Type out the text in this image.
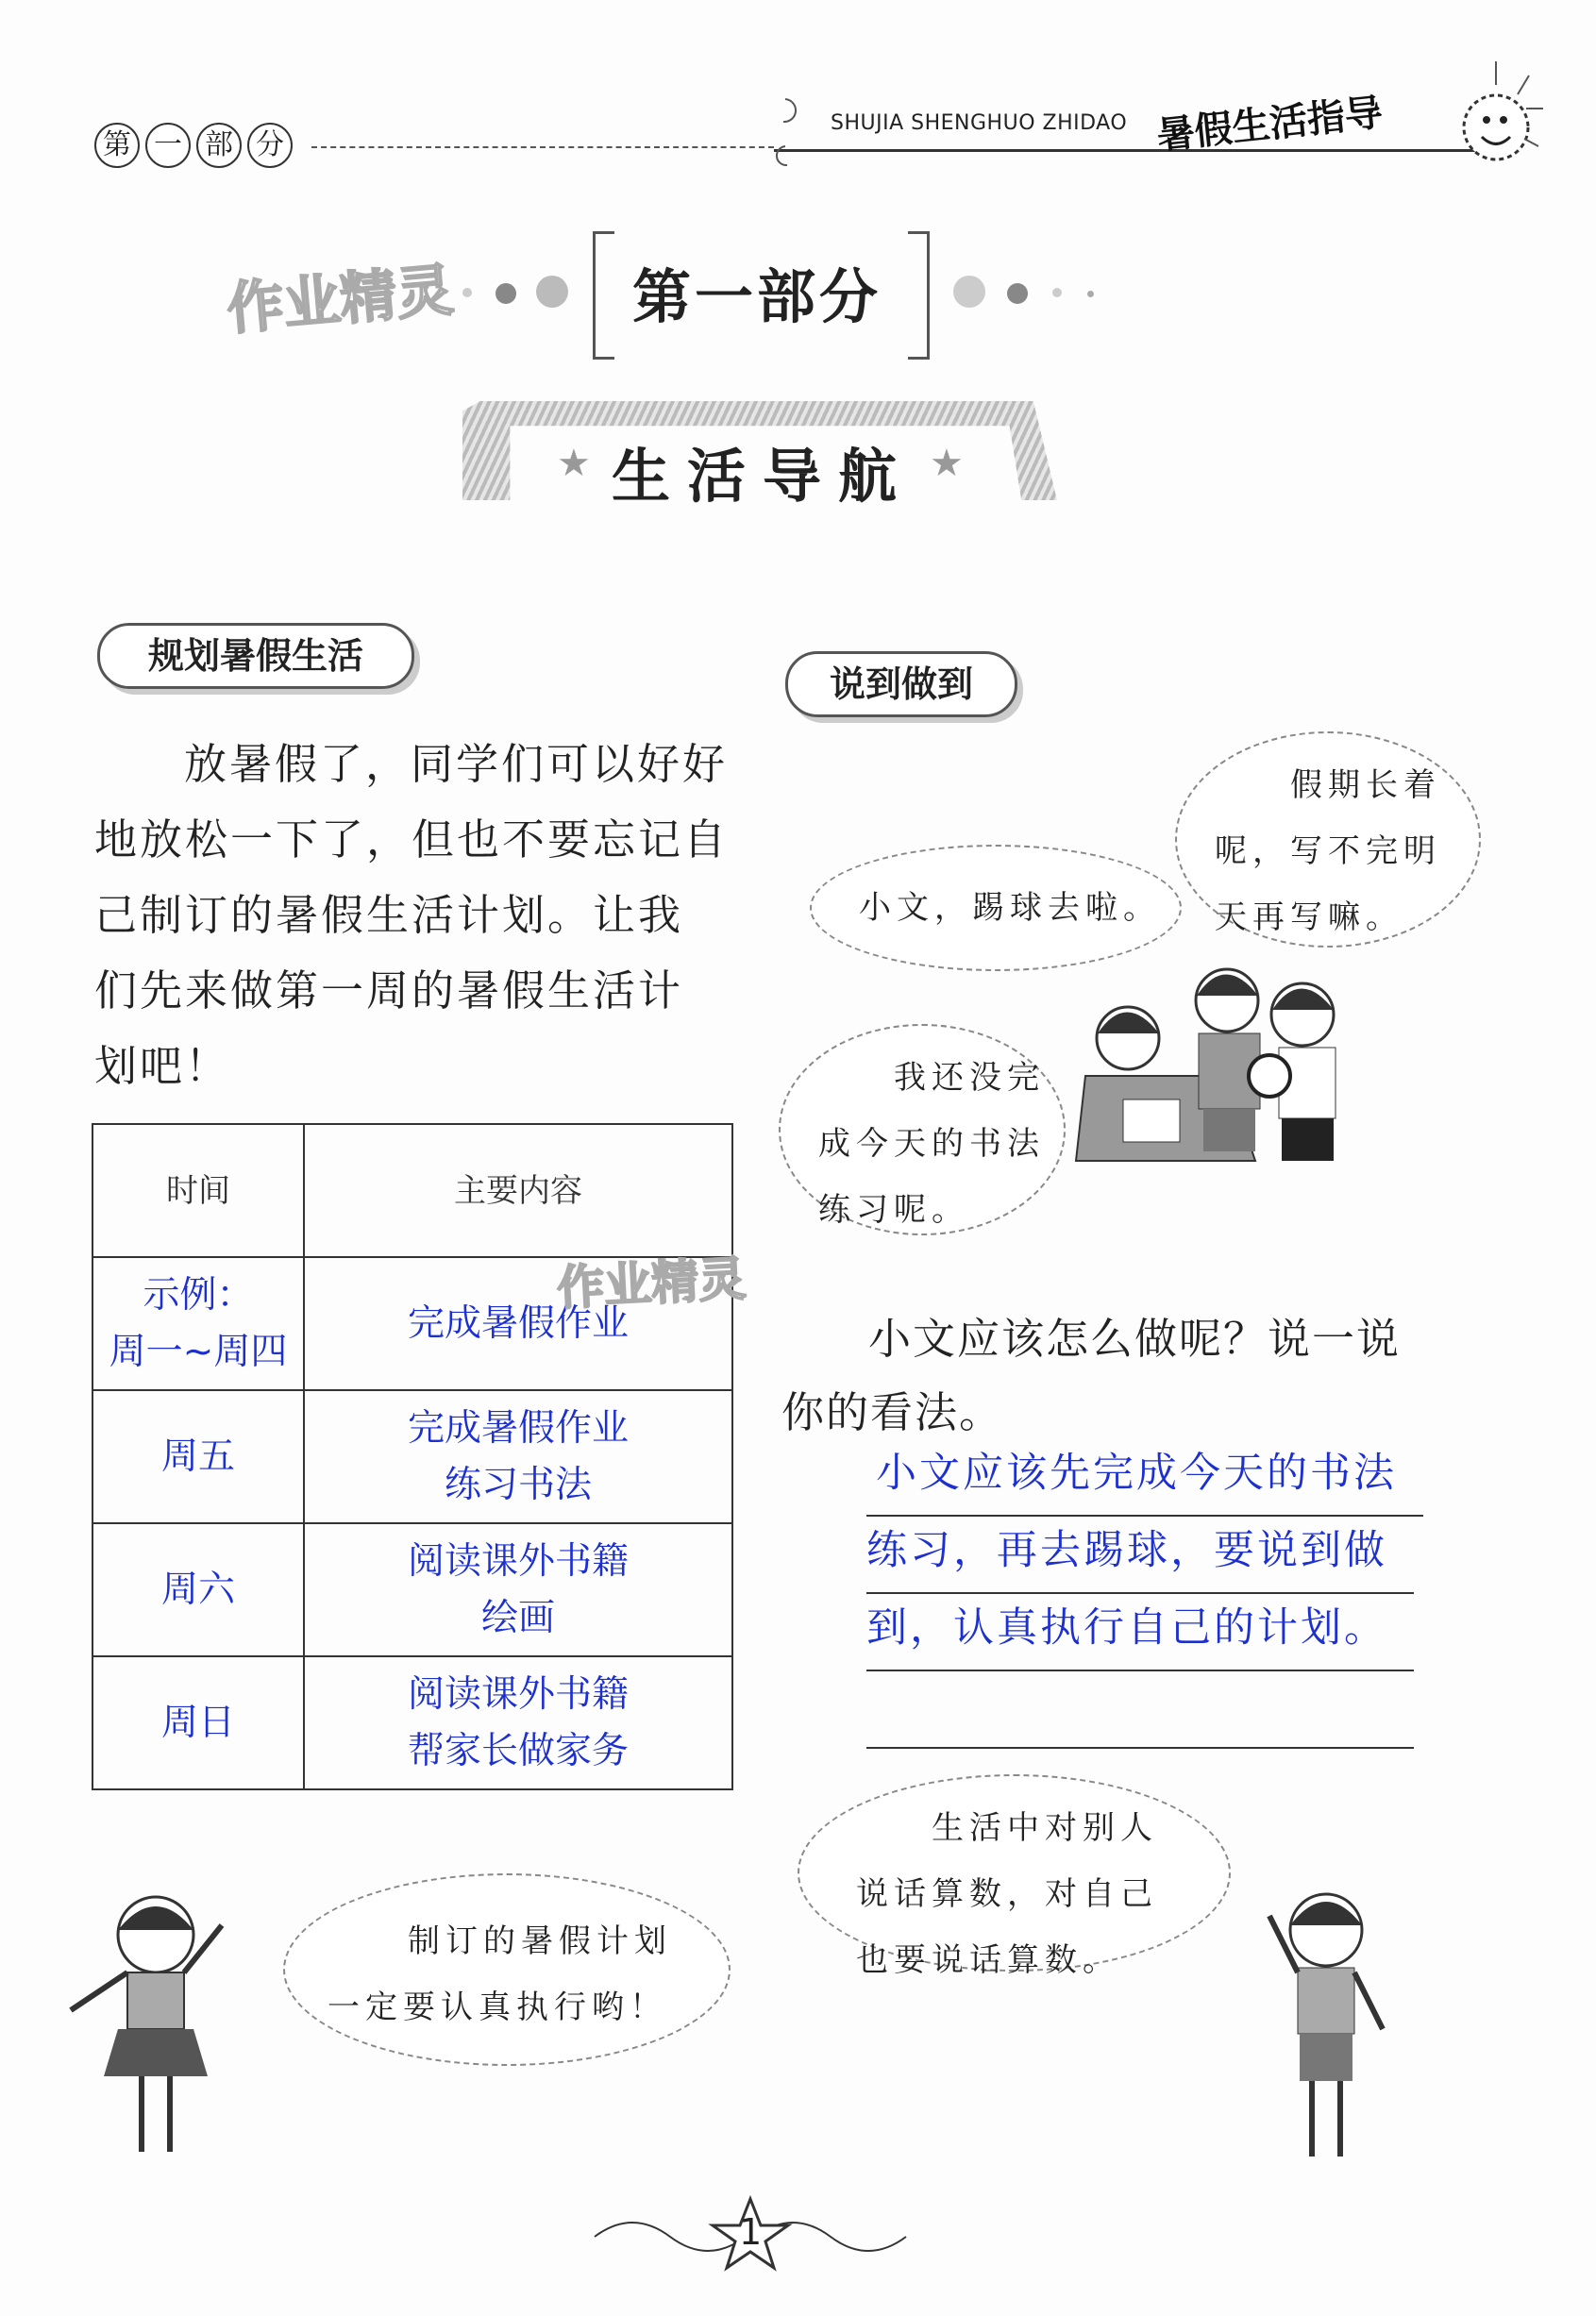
第 一 部 分
SHUJIA SHENGHUO ZHIDAO 暑假生活指导
作业精灵	第一部分
★ 生活导航 ★
规划暑假生活
放暑假了，同学们可以好好
地放松一下了，但也不要忘记自
己制订的暑假生活计划。让我
们先来做第一周的暑假生活计
划吧！
时间	主要内容

示例：
周一~周四	完成暑假作业

周五	完成暑假作业
练习书法

周六	阅读课外书籍
绘画

周日	阅读课外书籍
帮家长做家务
作业精灵
制订的暑假计划
一定要认真执行哟！
说到做到
小文，踢球去啦。
假期长着
呢，写不完明
天再写嘛。
我还没完
成今天的书法
练习呢。
小文应该怎么做呢？说一说
你的看法。
小文应该先完成今天的书法
练习，再去踢球，要说到做
到，认真执行自己的计划。
生活中对别人
说话算数，对自己
也要说话算数。
1
